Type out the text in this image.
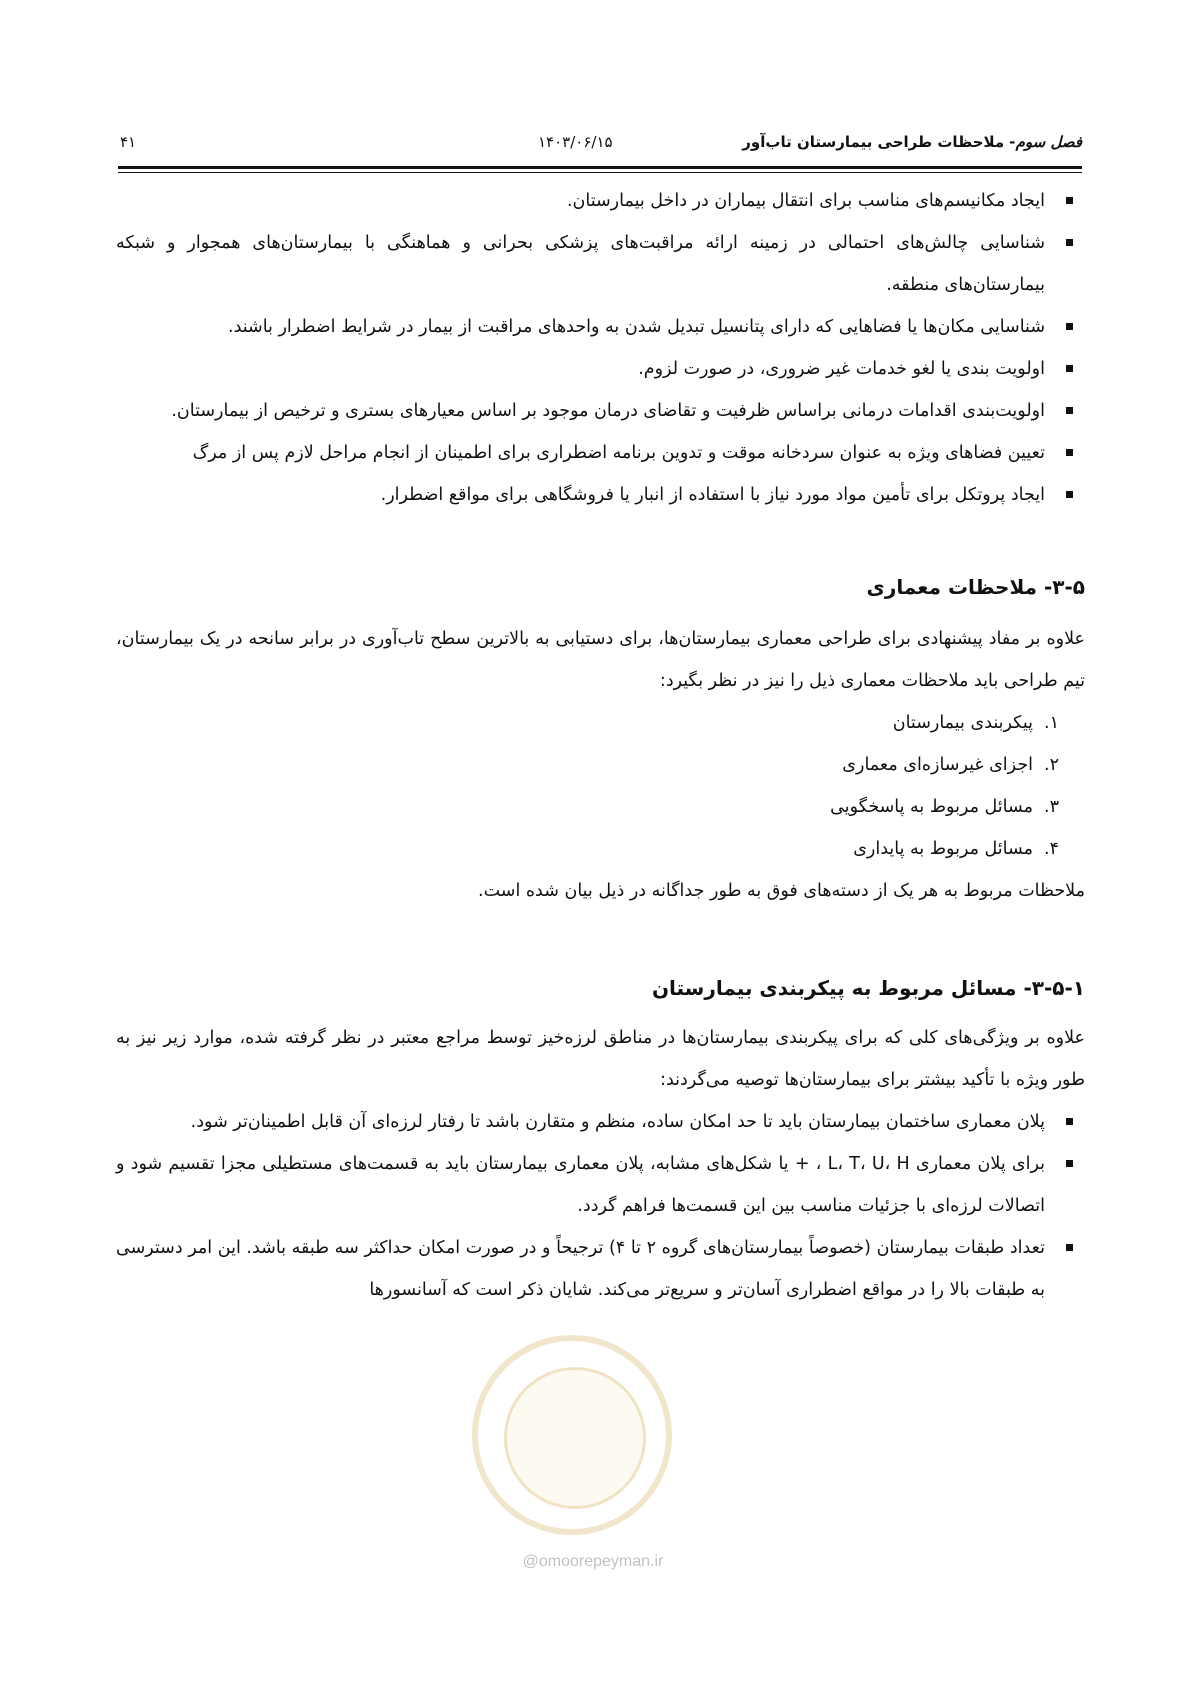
فصل سوم- ملاحظات طراحی بیمارستان تاب‌آور
۱۴۰۳/۰۶/۱۵
۴۱
ایجاد مکانیسم‌های مناسب برای انتقال بیماران در داخل بیمارستان.
شناسایی چالش‌های احتمالی در زمینه ارائه مراقبت‌های پزشکی بحرانی و هماهنگی با بیمارستان‌های همجوار و شبکه بیمارستان‌های منطقه.
شناسایی مکان‌ها یا فضاهایی که دارای پتانسیل تبدیل شدن به واحدهای مراقبت از بیمار در شرایط اضطرار باشند.
اولویت بندی یا لغو خدمات غیر ضروری، در صورت لزوم.
اولویت‌بندی اقدامات درمانی براساس ظرفیت و تقاضای درمان موجود بر اساس معیارهای بستری و ترخیص از بیمارستان.
تعیین فضاهای ویژه به عنوان سردخانه موقت و تدوین برنامه اضطراری برای اطمینان از انجام مراحل لازم پس از مرگ
ایجاد پروتکل برای تأمین مواد مورد نیاز با استفاده از انبار یا فروشگاهی برای مواقع اضطرار.
۳-۵- ملاحظات معماری

علاوه بر مفاد پیشنهادی برای طراحی معماری بیمارستان‌ها، برای دستیابی به بالاترین سطح تاب‌آوری در برابر سانحه در یک بیمارستان، تیم طراحی باید ملاحظات معماری ذیل را نیز در نظر بگیرد:

۱.پیکربندی بیمارستان
۲.اجزای غیرسازه‌ای معماری
۳.مسائل مربوط به پاسخگویی
۴.مسائل مربوط به پایداری

ملاحظات مربوط به هر یک از دسته‌های فوق به طور جداگانه در ذیل بیان شده است.

۳-۵-۱- مسائل مربوط به پیکربندی بیمارستان

علاوه بر ویژگی‌های کلی که برای پیکربندی بیمارستان‌ها در مناطق لرزه‌خیز توسط مراجع معتبر در نظر گرفته شده، موارد زیر نیز به طور ویژه با تأکید بیشتر برای بیمارستان‌ها توصیه می‌گردند:

پلان معماری ساختمان بیمارستان باید تا حد امکان ساده، منظم و متقارن باشد تا رفتار لرزه‌ای آن قابل اطمینان‌تر شود.
برای پلان معماری L، T، U، H ، + یا شکل‌های مشابه، پلان معماری بیمارستان باید به قسمت‌های مستطیلی مجزا تقسیم شود و اتصالات لرزه‌ای با جزئیات مناسب بین این قسمت‌ها فراهم گردد.
تعداد طبقات بیمارستان (خصوصاً بیمارستان‌های گروه ۲ تا ۴) ترجیحاً و در صورت امکان حداکثر سه طبقه باشد. این امر دسترسی به طبقات بالا را در مواقع اضطراری آسان‌تر و سریع‌تر می‌کند. شایان ذکر است که آسانسورها
@omoorepeyman.ir
